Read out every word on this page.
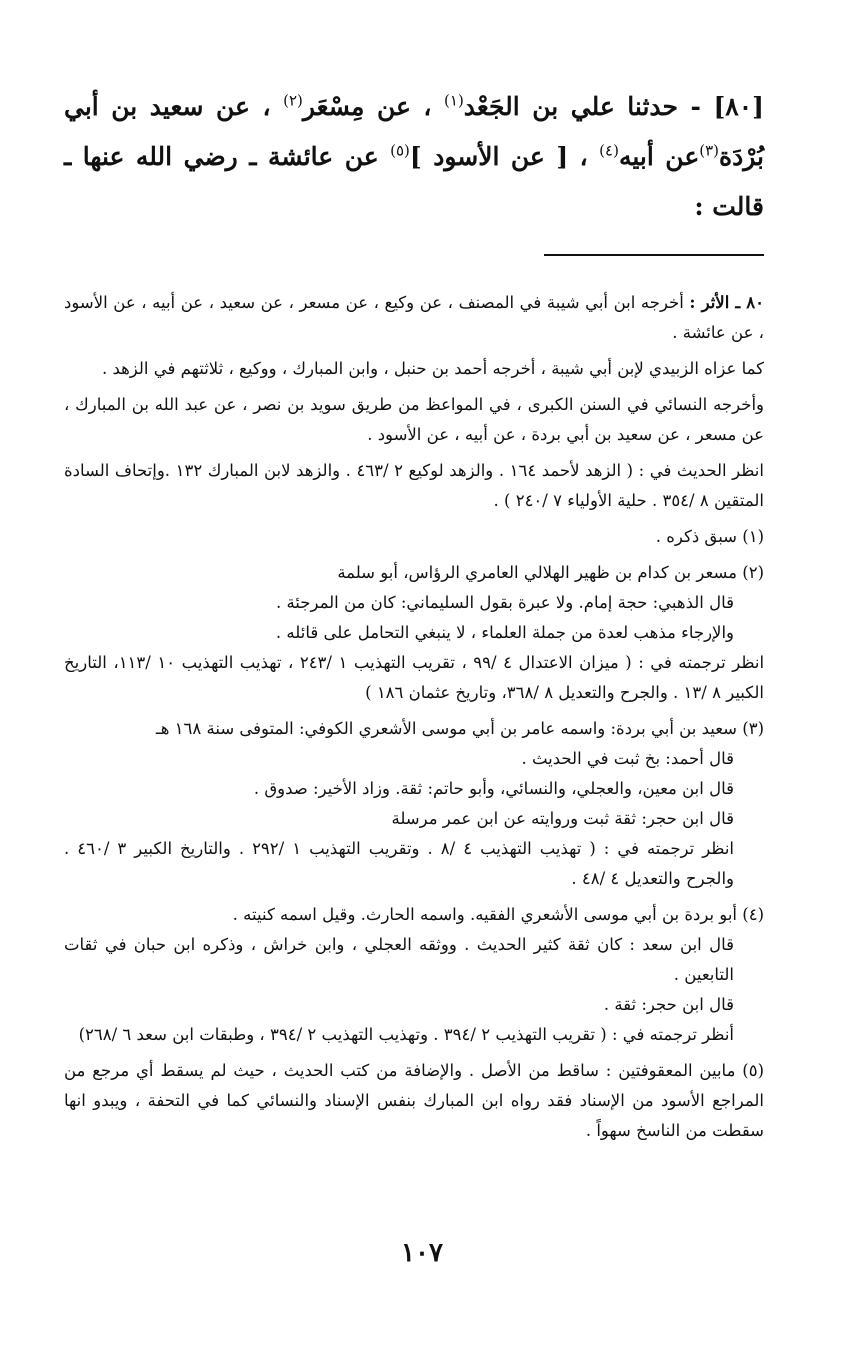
[٨٠] - حدثنا علي بن الجَعْد$^{(١)}$ ، عن مِسْعَر$^{(٢)}$ ، عن سعيد بن أبي بُرْدَة$^{(٣)}$عن أبيه$^{(٤)}$ ، [ عن الأسود ]$^{(٥)}$ عن عائشة ـ رضي الله عنها ـ قالت :

٨٠ ـ الأثر : أخرجه ابن أبي شيبة في المصنف ، عن وكيع ، عن مسعر ، عن سعيد ، عن أبيه ، عن الأسود ، عن عائشة .

كما عزاه الزبيدي لإبن أبي شيبة ، أخرجه أحمد بن حنبل ، وابن المبارك ، ووكيع ، ثلاثتهم في الزهد .

وأخرجه النسائي في السنن الكبرى ، في المواعظ من طريق سويد بن نصر ، عن عبد الله بن المبارك ، عن مسعر ، عن سعيد بن أبي بردة ، عن أبيه ، عن الأسود .

انظر الحديث في : ( الزهد لأحمد ١٦٤ . والزهد لوكيع ٢ /٤٦٣ . والزهد لابن المبارك ١٣٢ .وإتحاف السادة المتقين ٨ /٣٥٤ . حلية الأولياء ٧ /٢٤٠ ) .

(١) سبق ذكره .

(٢) مسعر بن كدام بن ظهير الهلالي العامري الرؤاس، أبو سلمة

قال الذهبي: حجة إمام. ولا عبرة بقول السليماني: كان من المرجئة .

والإرجاء مذهب لعدة من جملة العلماء ، لا ينبغي التحامل على قائله .

انظر ترجمته في : ( ميزان الاعتدال ٤ /٩٩ ، تقريب التهذيب ١ /٢٤٣ ، تهذيب التهذيب ١٠ /١١٣، التاريخ الكبير ٨ /١٣ . والجرح والتعديل ٨ /٣٦٨، وتاريخ عثمان ١٨٦ )

(٣) سعيد بن أبي بردة: واسمه عامر بن أبي موسى الأشعري الكوفي: المتوفى سنة ١٦٨ هـ

قال أحمد: بخ ثبت في الحديث .

قال ابن معين، والعجلي، والنسائي، وأبو حاتم: ثقة. وزاد الأخير: صدوق .

قال ابن حجر: ثقة ثبت وروايته عن ابن عمر مرسلة

انظر ترجمته في : ( تهذيب التهذيب ٤ /٨ . وتقريب التهذيب ١ /٢٩٢ . والتاريخ الكبير ٣ /٤٦٠ . والجرح والتعديل ٤ /٤٨ .

(٤) أبو بردة بن أبي موسى الأشعري الفقيه. واسمه الحارث. وقيل اسمه كنيته .

قال ابن سعد : كان ثقة كثير الحديث . ووثقه العجلي ، وابن خراش ، وذكره ابن حبان في ثقات التابعين .

قال ابن حجر: ثقة .

أنظر ترجمته في : ( تقريب التهذيب ٢ /٣٩٤ . وتهذيب التهذيب ٢ /٣٩٤ ، وطبقات ابن سعد ٦ /٢٦٨)

(٥) مابين المعقوفتين : ساقط من الأصل . والإضافة من كتب الحديث ، حيث لم يسقط أي مرجع من المراجع الأسود من الإسناد فقد رواه ابن المبارك بنفس الإسناد والنسائي كما في التحفة ، ويبدو انها سقطت من الناسخ سهواً .

١٠٧
